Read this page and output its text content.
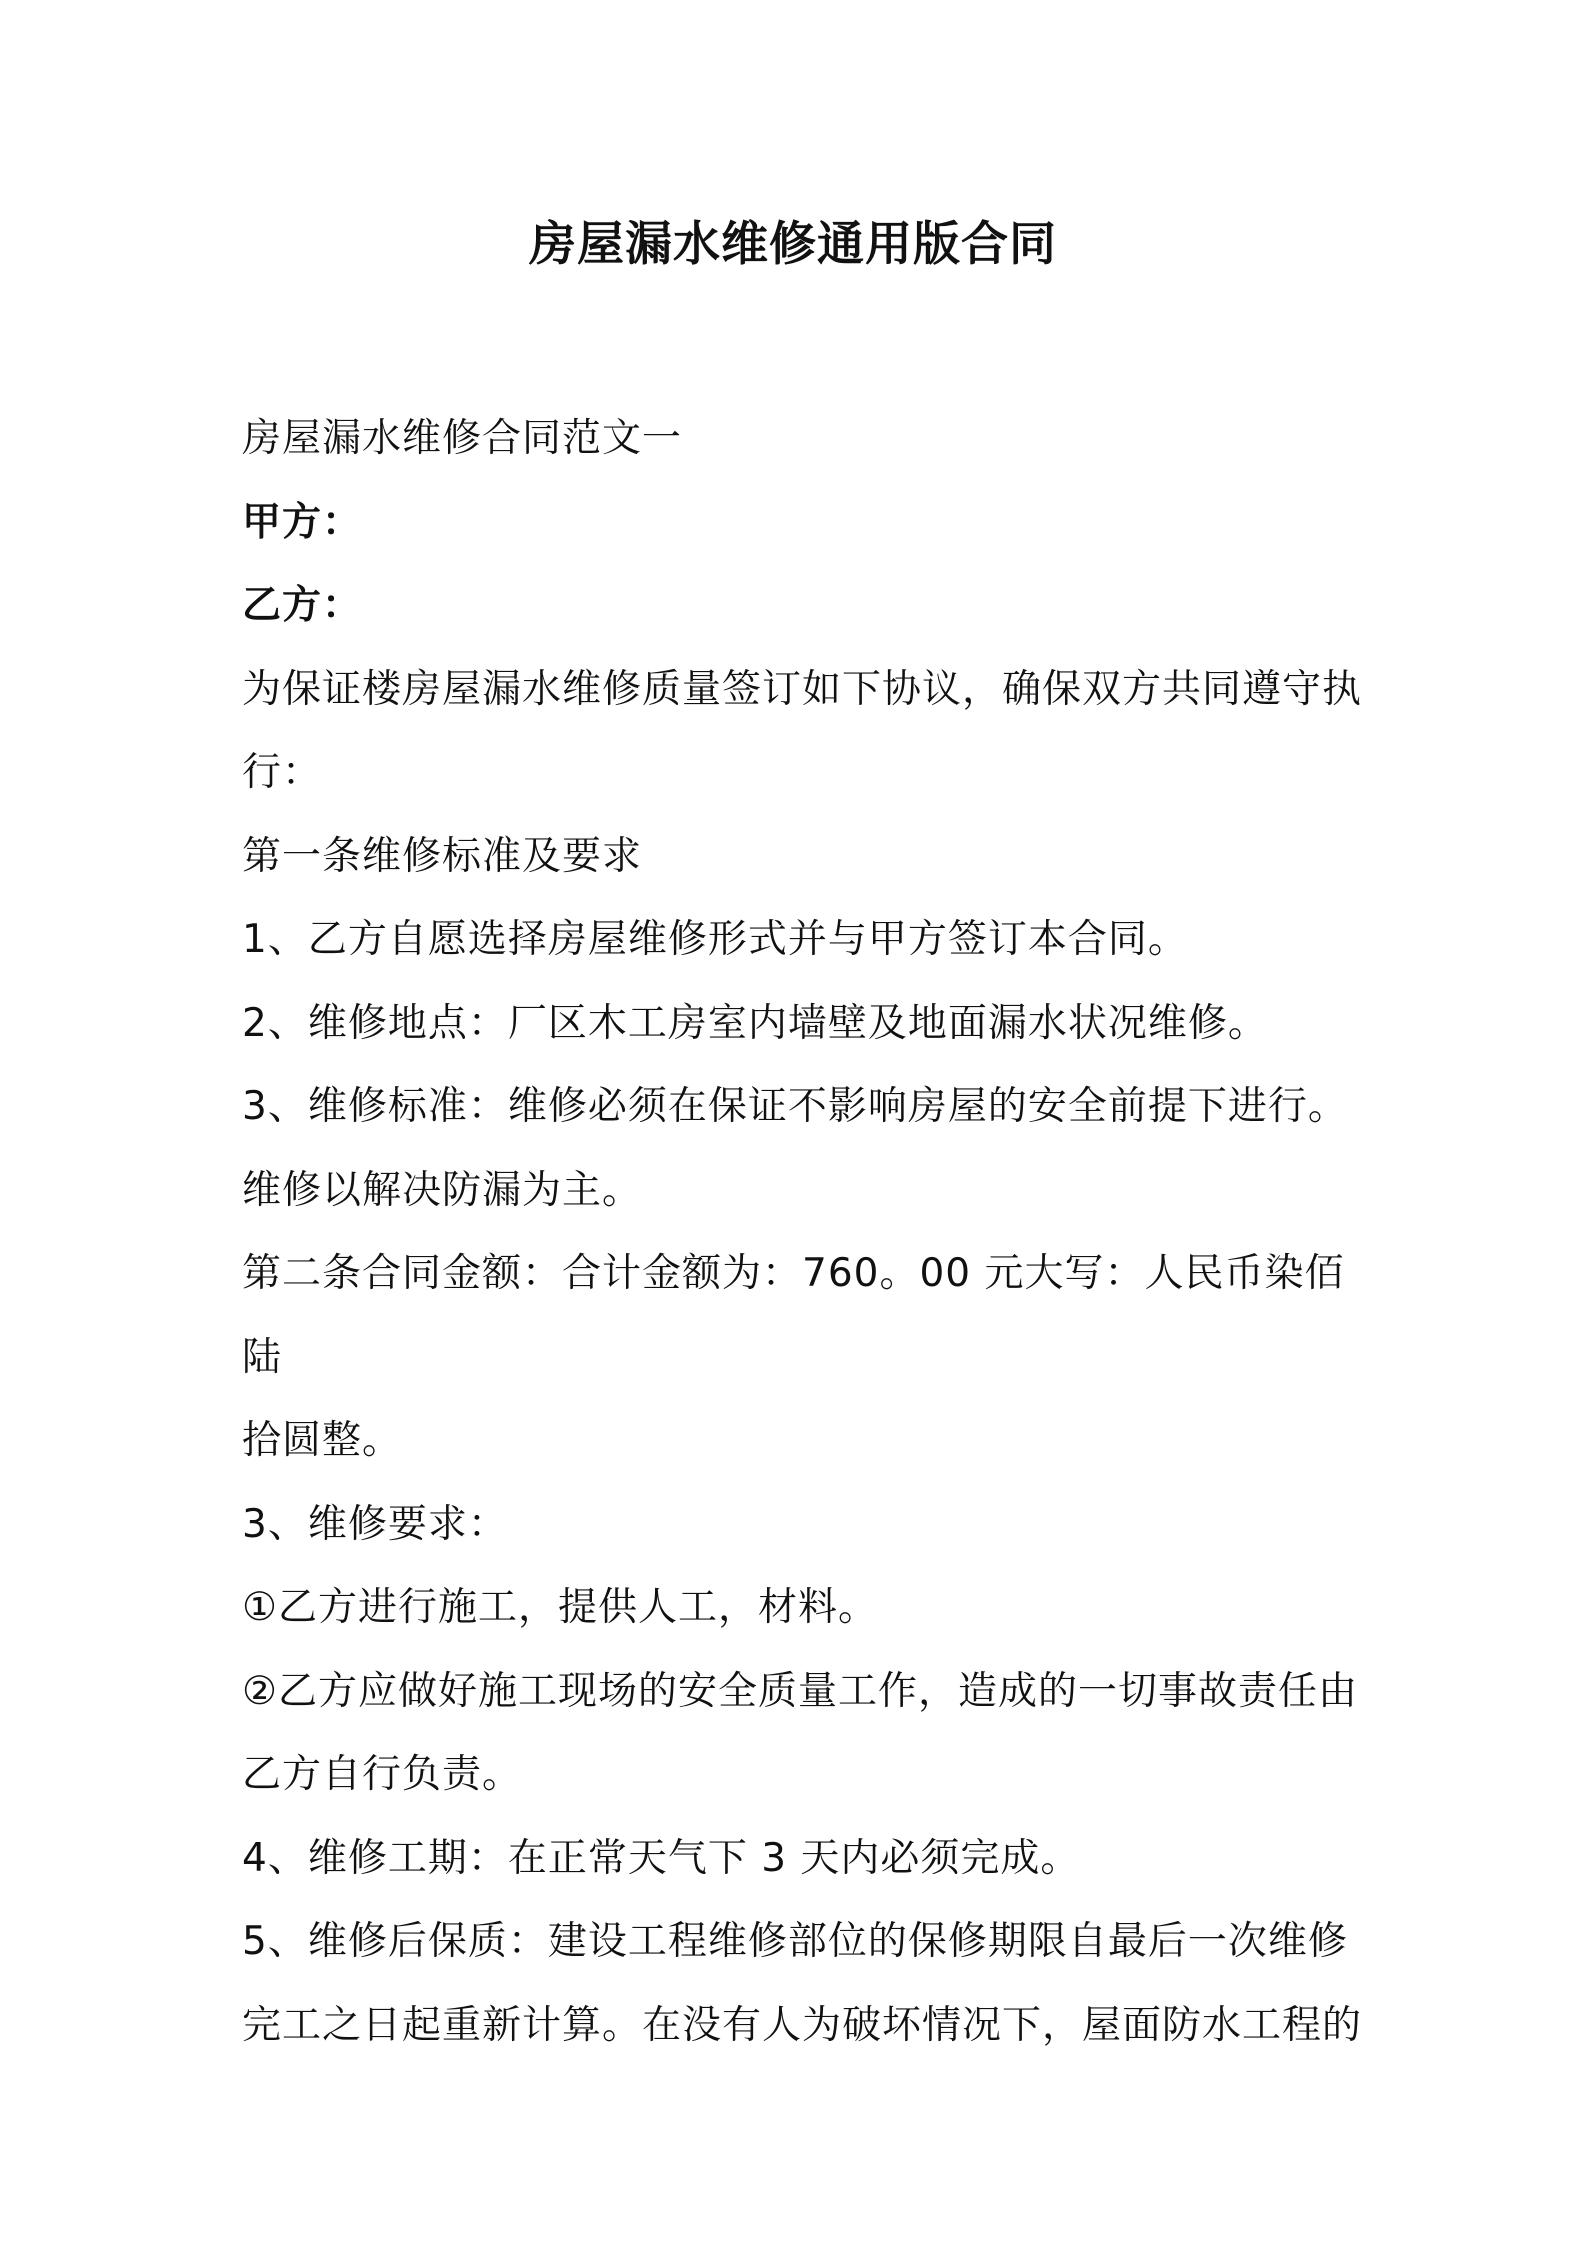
房屋漏水维修通用版合同

房屋漏水维修合同范文一

甲方：

乙方：

为保证楼房屋漏水维修质量签订如下协议，确保双方共同遵守执

行：

第一条维修标准及要求

1、乙方自愿选择房屋维修形式并与甲方签订本合同。

2、维修地点：厂区木工房室内墙壁及地面漏水状况维修。

3、维修标准：维修必须在保证不影响房屋的安全前提下进行。

维修以解决防漏为主。

第二条合同金额：合计金额为：760。00 元大写：人民币染佰陆

拾圆整。

3、维修要求：

①乙方进行施工，提供人工，材料。

②乙方应做好施工现场的安全质量工作，造成的一切事故责任由

乙方自行负责。

4、维修工期：在正常天气下 3 天内必须完成。

5、维修后保质：建设工程维修部位的保修期限自最后一次维修

完工之日起重新计算。在没有人为破坏情况下，屋面防水工程的
